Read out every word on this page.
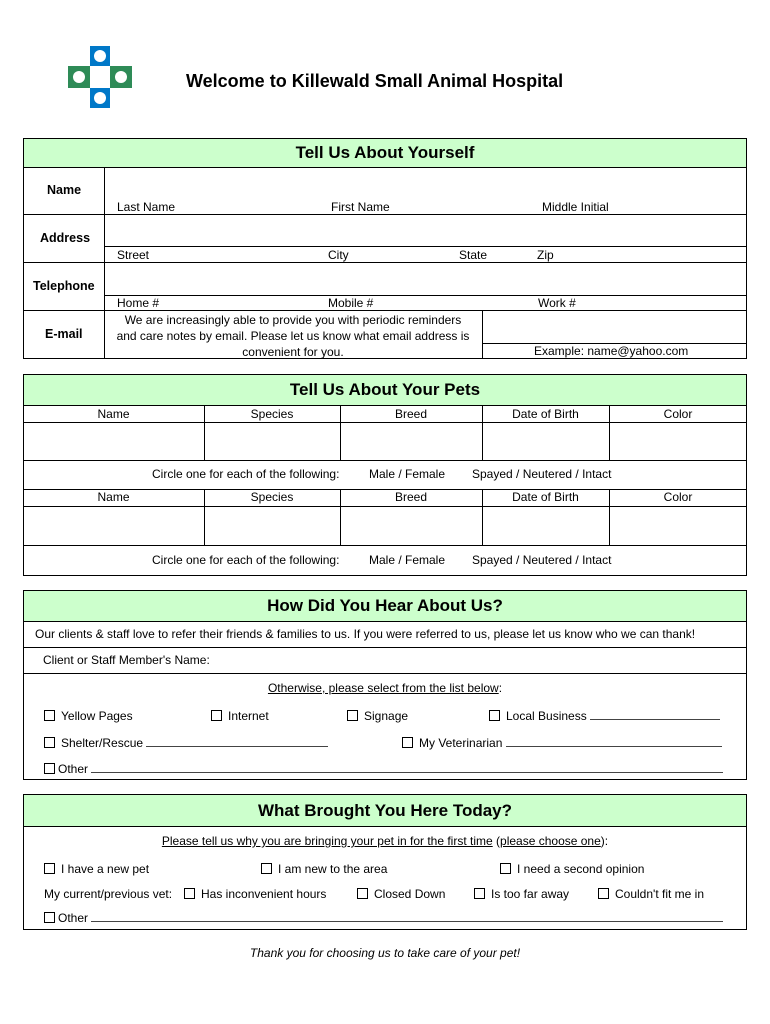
Welcome to Killewald Small Animal Hospital
Tell Us About Yourself
Name
Last Name	First Name	Middle Initial
Address
Street	City	State	Zip
Telephone
Home #	Mobile #	Work #
E-mail
We are increasingly able to provide you with periodic reminders
and care notes by email. Please let us know what email address is
convenient for you.	Example: name@yahoo.com
Tell Us About Your Pets
Name	Species	Breed	Date of Birth	Color
Circle one for each of the following: Male / Female Spayed / Neutered / Intact
Name	Species	Breed	Date of Birth	Color
Circle one for each of the following: Male / Female Spayed / Neutered / Intact
How Did You Hear About Us?
Our clients & staff love to refer their friends & families to us. If you were referred to us, please let us know who we can thank!
Client or Staff Member's Name:
Otherwise, please select from the list below:
Yellow Pages	Internet	Signage	Local Business
Shelter/Rescue	My Veterinarian
Other
What Brought You Here Today?
Please tell us why you are bringing your pet in for the first time (please choose one):
I have a new pet	I am new to the area	I need a second opinion
My current/previous vet:	Has inconvenient hours	Closed Down	Is too far away	Couldn't fit me in
Other
Thank you for choosing us to take care of your pet!
